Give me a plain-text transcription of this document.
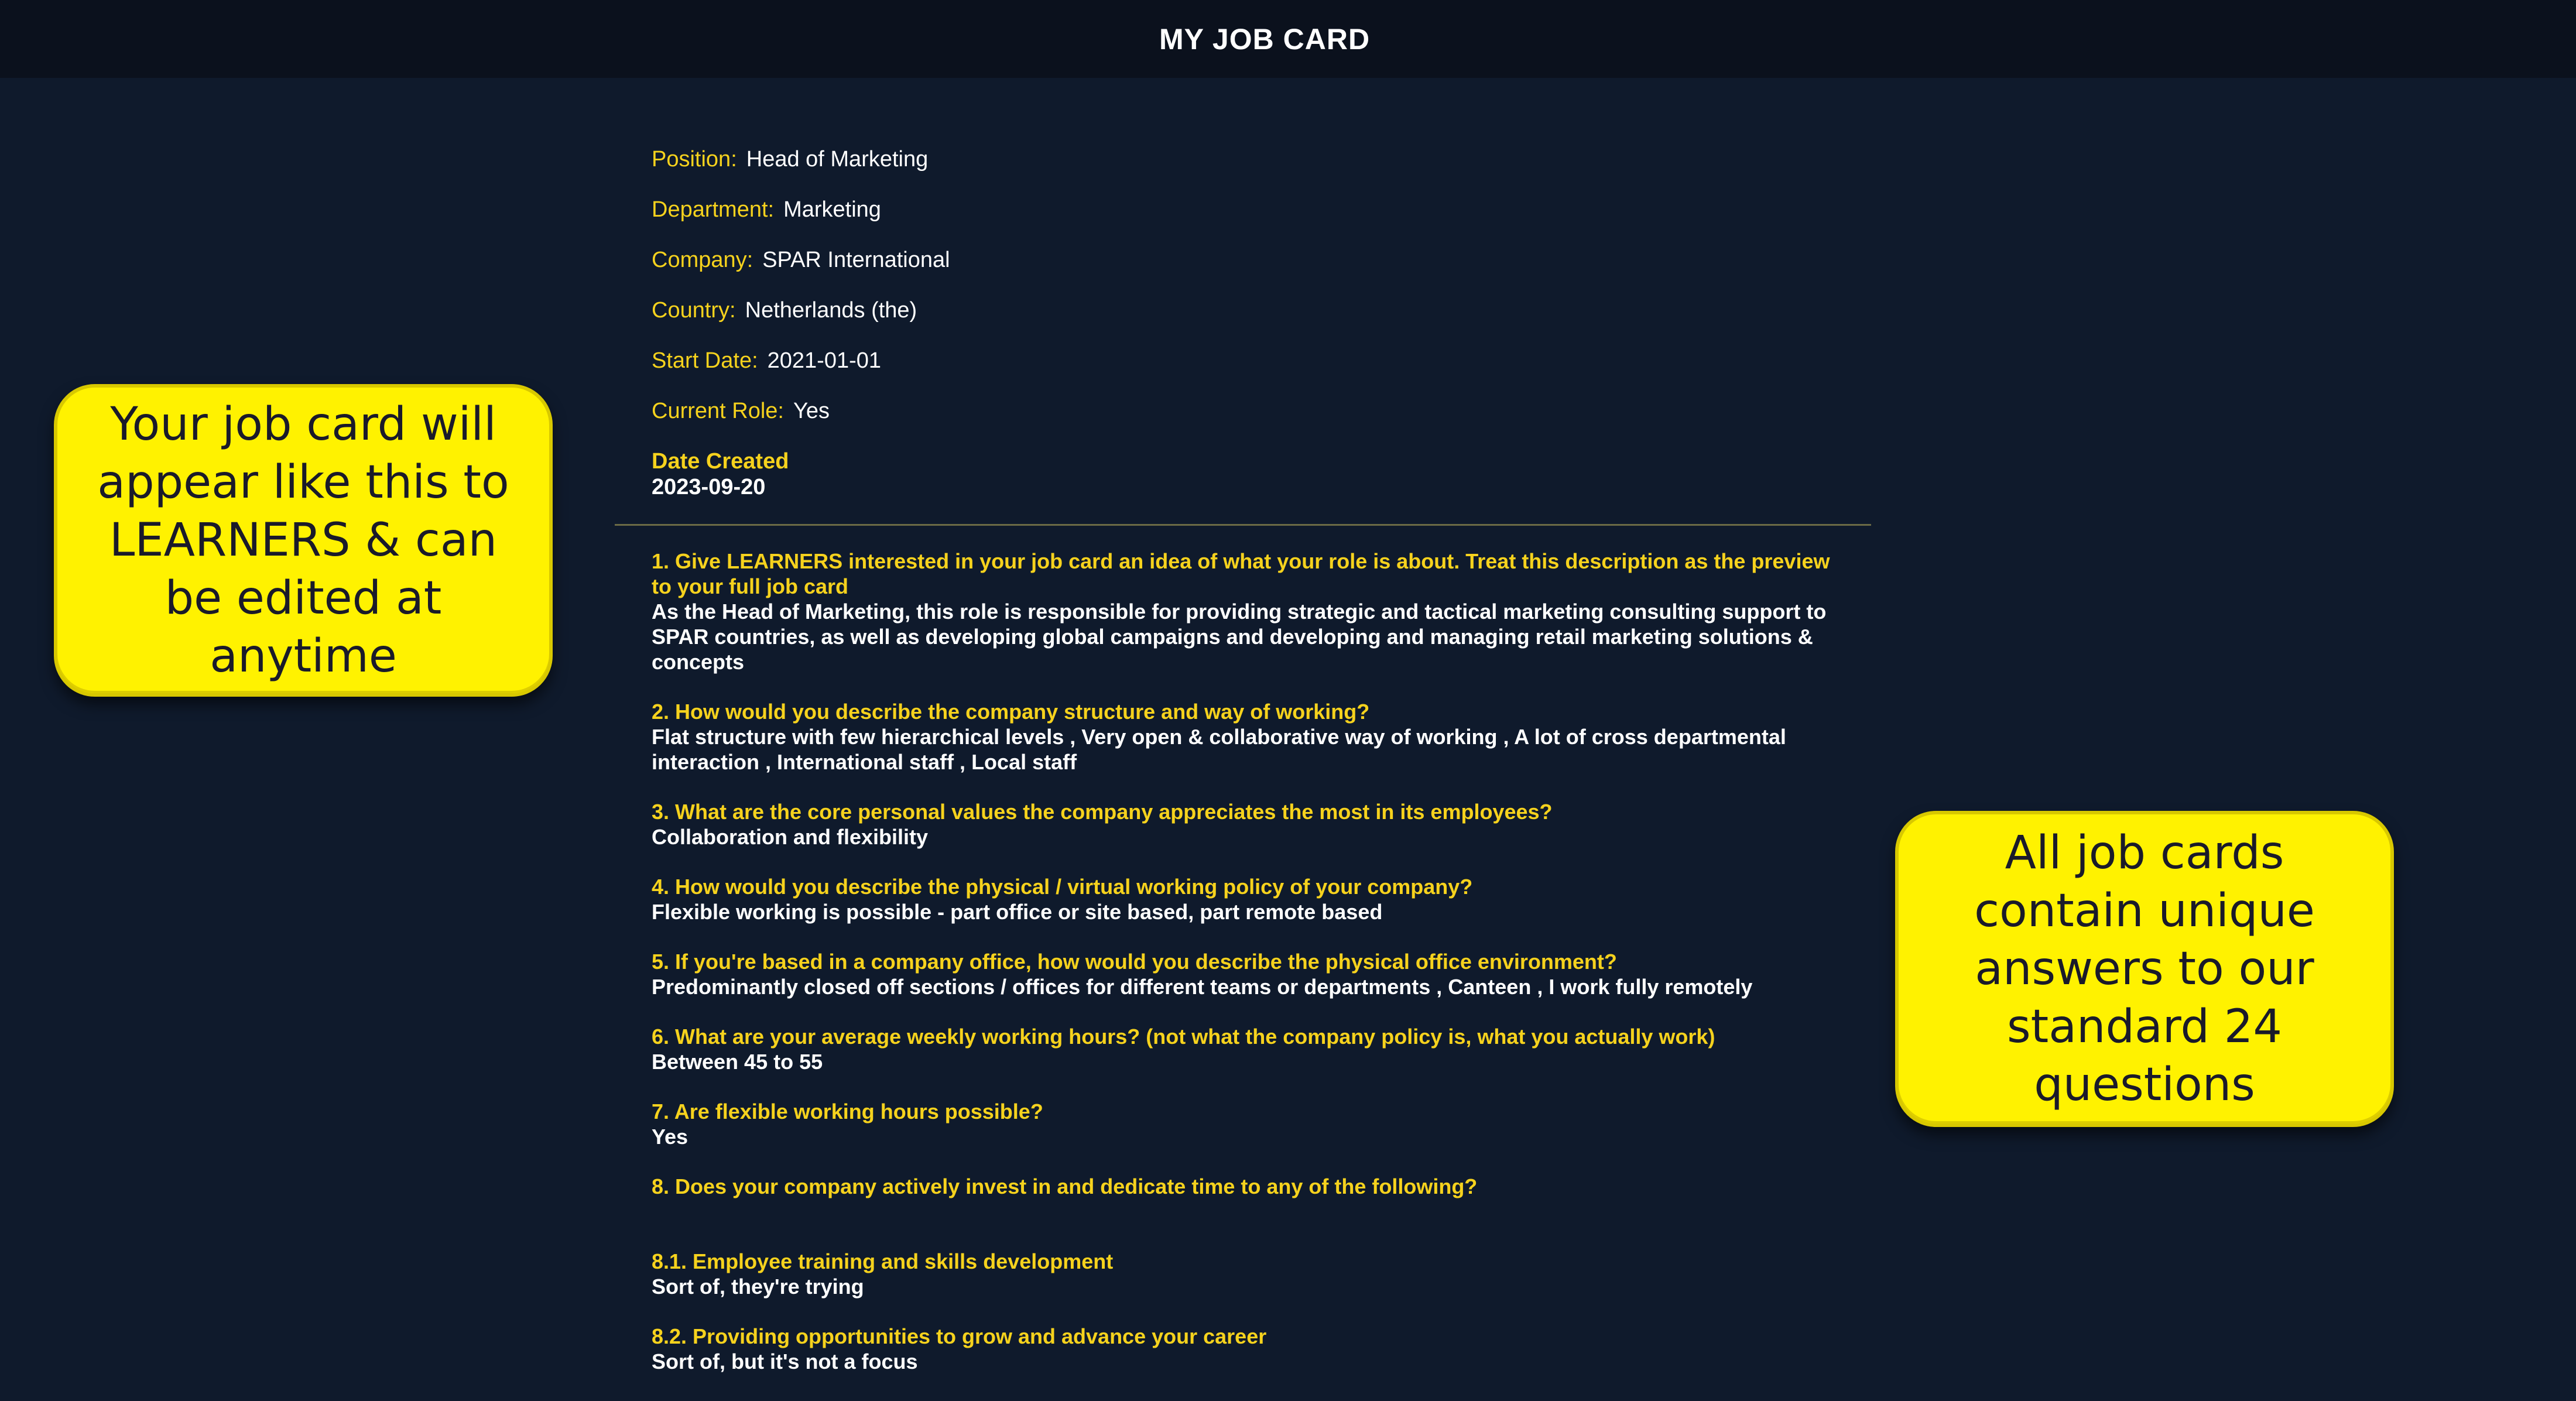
MY JOB CARD
Position: Head of Marketing
Department: Marketing
Company: SPAR International
Country: Netherlands (the)
Start Date: 2021-01-01
Current Role: Yes
Date Created
2023-09-20

1. Give LEARNERS interested in your job card an idea of what your role is about. Treat this description as the preview to your full job card

As the Head of Marketing, this role is responsible for providing strategic and tactical marketing consulting support to SPAR countries, as well as developing global campaigns and developing and managing retail marketing solutions & concepts

2. How would you describe the company structure and way of working?

Flat structure with few hierarchical levels , Very open & collaborative way of working , A lot of cross departmental interaction , International staff , Local staff

3. What are the core personal values the company appreciates the most in its employees?

Collaboration and flexibility

4. How would you describe the physical / virtual working policy of your company?

Flexible working is possible - part office or site based, part remote based

5. If you're based in a company office, how would you describe the physical office environment?

Predominantly closed off sections / offices for different teams or departments , Canteen , I work fully remotely

6. What are your average weekly working hours? (not what the company policy is, what you actually work)

Between 45 to 55

7. Are flexible working hours possible?

Yes

8. Does your company actively invest in and dedicate time to any of the following?

8.1. Employee training and skills development

Sort of, they're trying

8.2. Providing opportunities to grow and advance your career

Sort of, but it's not a focus

Your job card will appear like this to LEARNERS & can be edited at anytime
All job cards contain unique answers to our standard 24 questions
